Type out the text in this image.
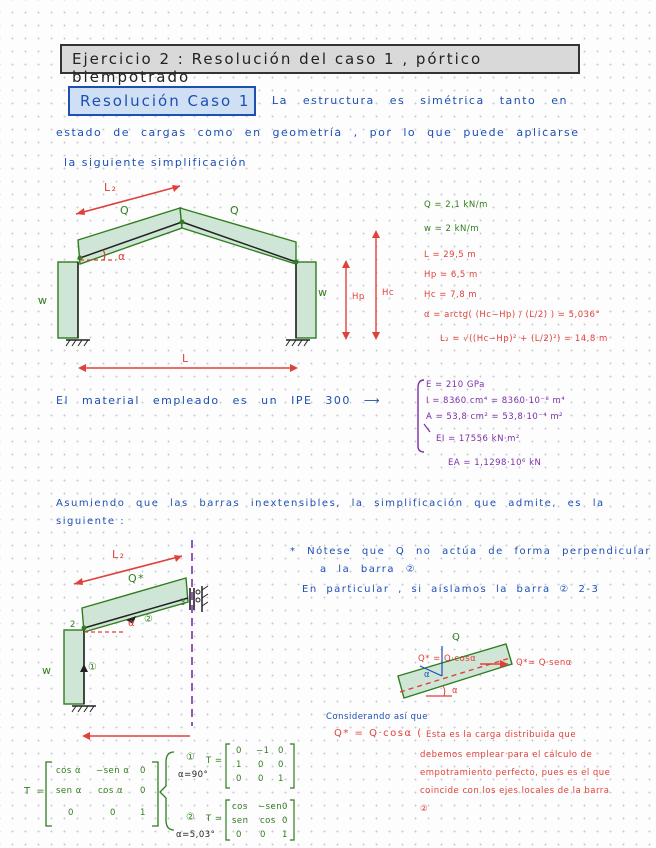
Ejercicio 2 : Resolución del caso 1 , pórtico biempotrado
Resolución Caso 1 La estructura es simétrica tanto en
estado de cargas como en geometría , por lo que puede aplicarse
la siguiente simplificación
L₂
Q	Q
α
w
w	Hp Hc
L
Q = 2,1 kN/m
w = 2 kN/m
L = 29,5 m
Hp = 6,5 m
Hc = 7,8 m
α = arctg( (Hc−Hp) / (L/2) ) = 5,036°
L₂ = √((Hc−Hp)² + (L/2)²) = 14,8 m
El material empleado es un IPE 300 ⟶
E = 210 GPa
I = 8360 cm⁴ = 8360·10⁻⁸ m⁴
A = 53,8 cm² = 53,8·10⁻⁴ m²
EI = 17556 kN·m²
EA = 1,1298·10⁶ kN
Asumiendo que las barras inextensibles, la simplificación que admite, es la
siguiente :
L₂
Q*
α ②
①
2
3
w
* Nótese que Q no actúa de forma perpendicular
a la barra ②
En particular , si aislamos la barra ② 2-3
Q
Q* = Q·cosα	Q*= Q·senα
α
α
Considerando así que
Q* = Q·cosα ( Esta es la carga distribuida que
debemos emplear para el cálculo de
empotramiento perfecto, pues es el que
coincide con los ejes locales de la barra
②
T =
cos α −sen α 0
sen α cos α 0
0	0	1
①
α=90°
T =
0 −1 0
1 0 0
0 0 1
②
α=5,03°
T =
cos −sen 0
sen cos 0
0 0 1
